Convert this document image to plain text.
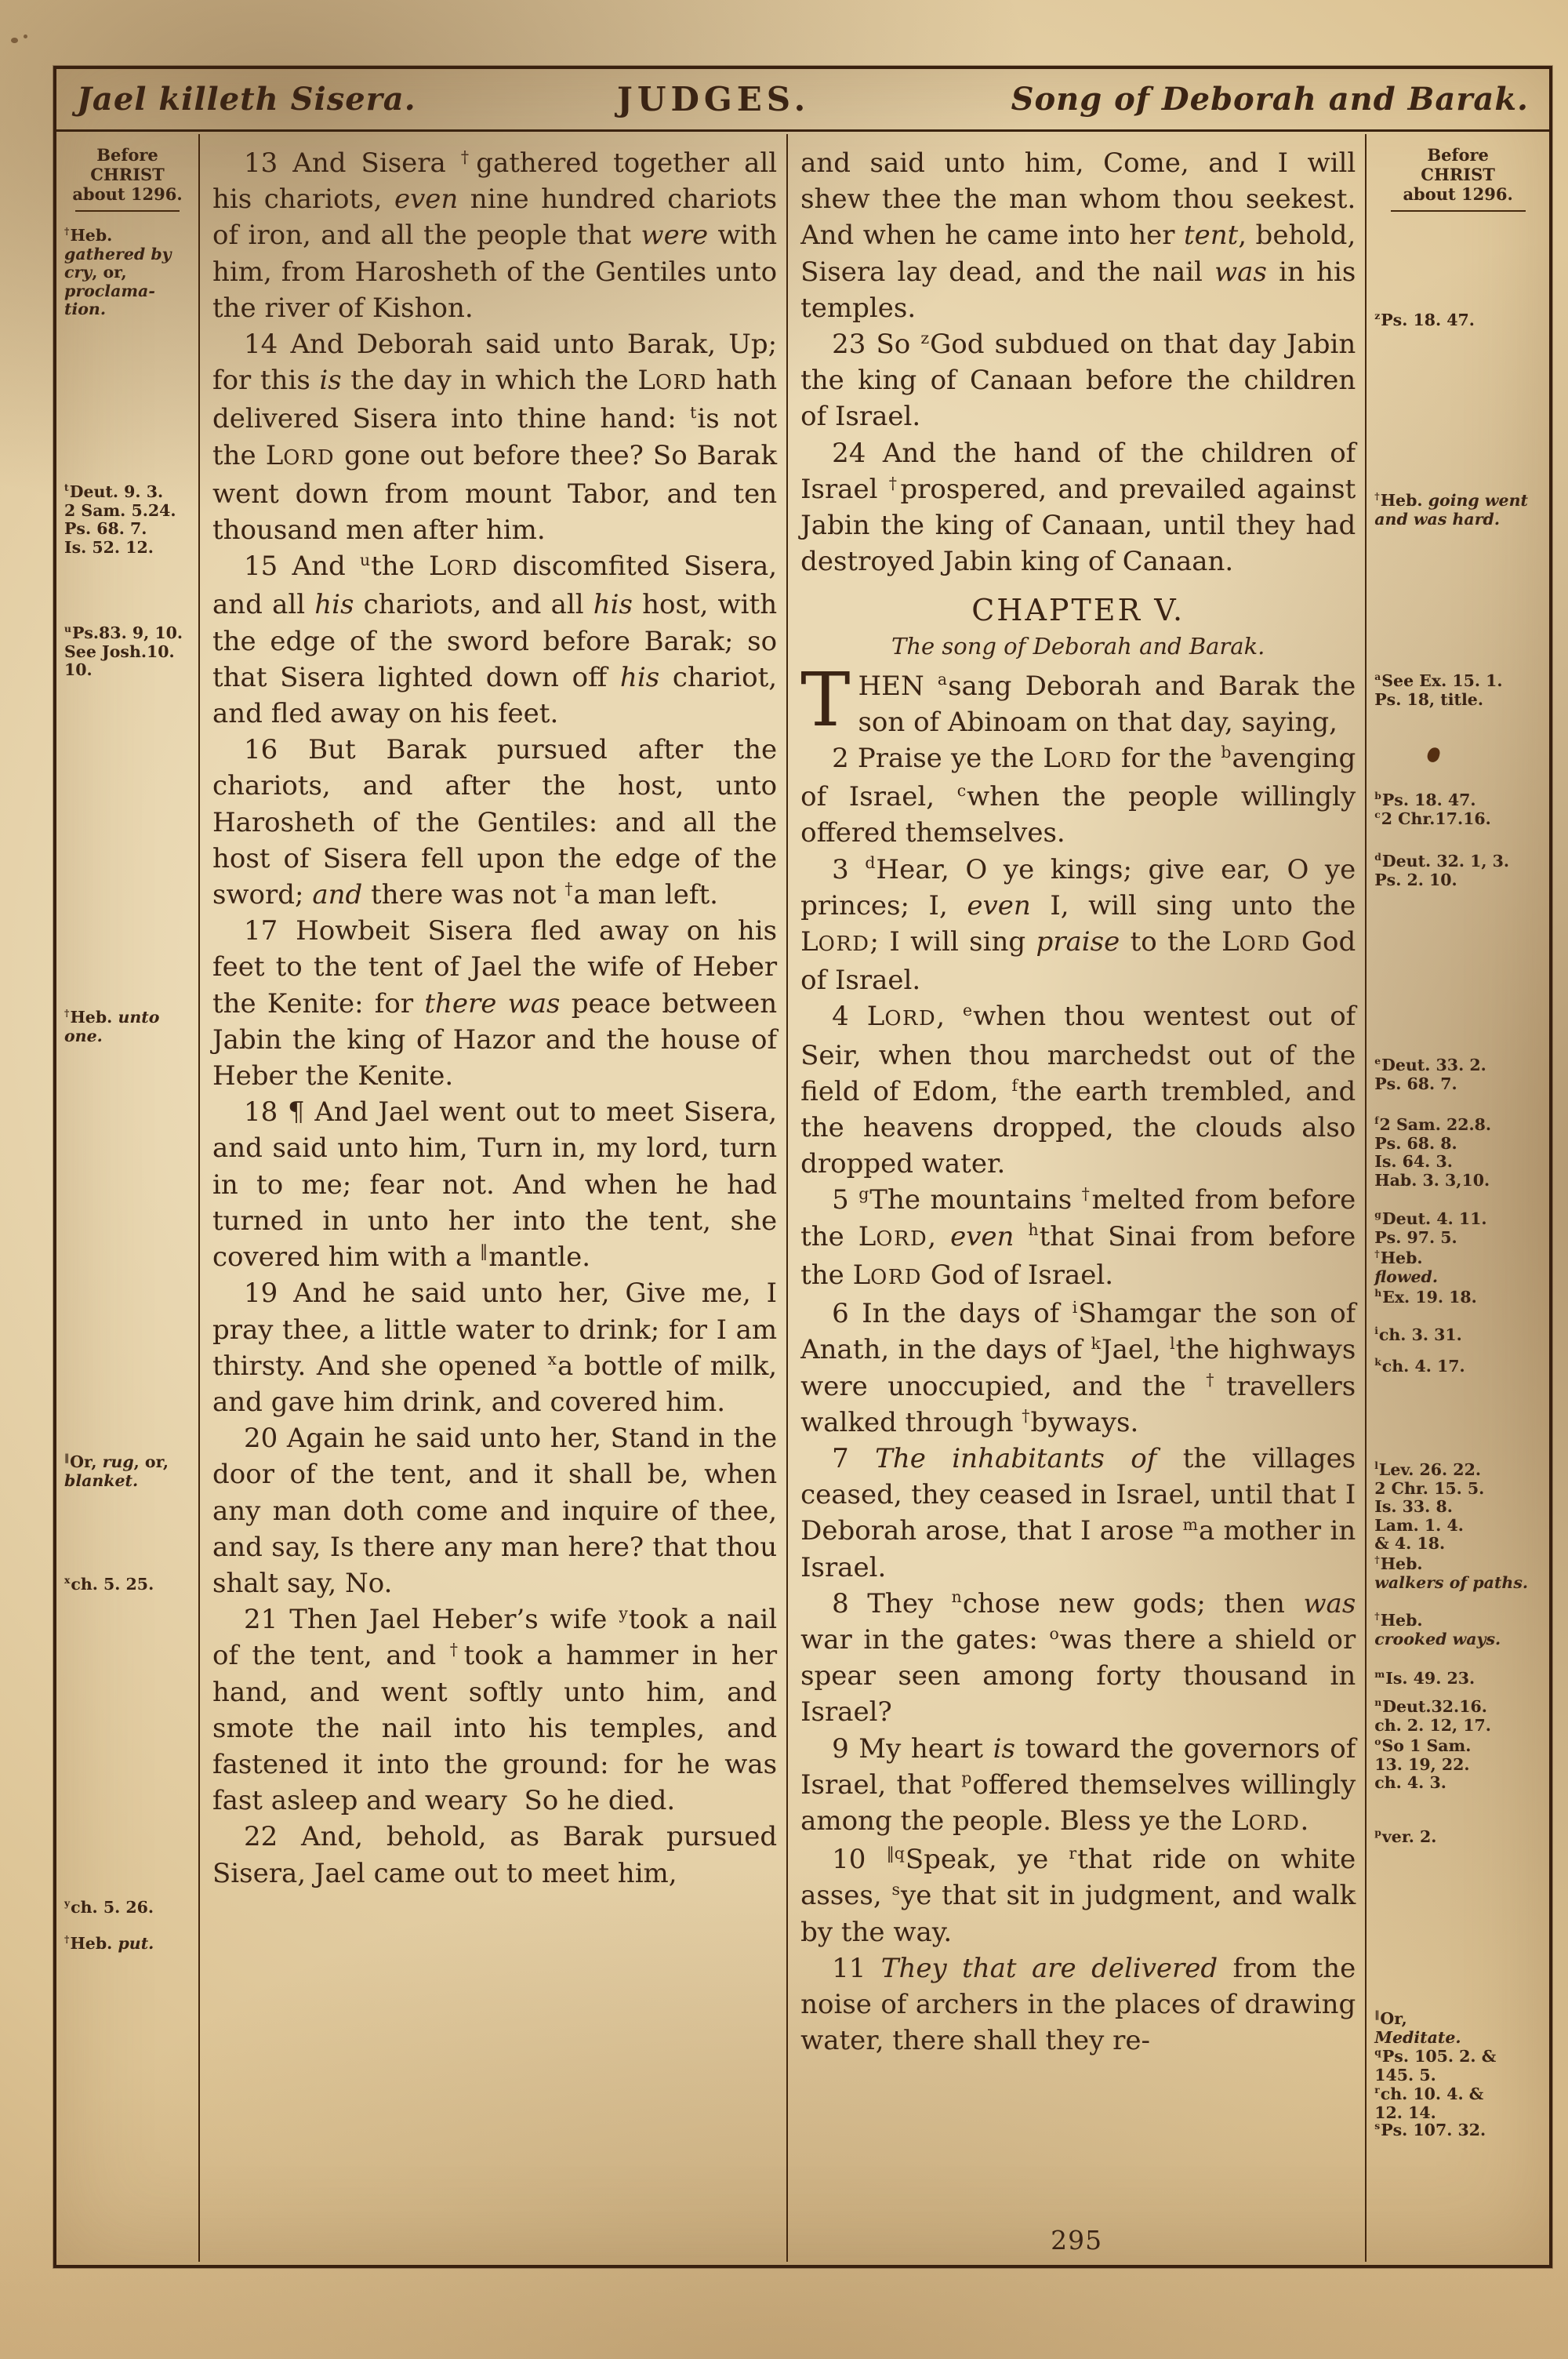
Jael killeth Sisera.	JUDGES.	Song of Deborah and Barak.
Before
CHRIST
about 1296.
†Heb. gathered by cry, or, proclama-tion.
$^t$Deut. 9. 3.
2 Sam. 5.24.
Ps. 68. 7.
Is. 52. 12.
$^u$Ps.83. 9, 10.
See Josh.10.
10.
†Heb. unto one.
‖Or, rug, or, blanket.
$^x$ch. 5. 25.
$^y$ch. 5. 26.
†Heb. put.

13 And Sisera †gathered together all his chariots, even nine hundred chariots of iron, and all the people that were with him, from Harosheth of the Gentiles unto the river of Kishon.

14 And Deborah said unto Barak, Up; for this is the day in which the LORD hath delivered Sisera into thine hand: $^t$is not the LORD gone out before thee? So Barak went down from mount Tabor, and ten thousand men after him.

15 And $^u$the LORD discomfited Sisera, and all his chariots, and all his host, with the edge of the sword before Barak; so that Sisera lighted down off his chariot, and fled away on his feet.

16 But Barak pursued after the chariots, and after the host, unto Harosheth of the Gentiles: and all the host of Sisera fell upon the edge of the sword; and there was not †a man left.

17 Howbeit Sisera fled away on his feet to the tent of Jael the wife of Heber the Kenite: for there was peace between Jabin the king of Hazor and the house of Heber the Kenite.

18 ¶ And Jael went out to meet Sisera, and said unto him, Turn in, my lord, turn in to me; fear not. And when he had turned in unto her into the tent, she covered him with a ‖mantle.

19 And he said unto her, Give me, I pray thee, a little water to drink; for I am thirsty. And she opened $^x$a bottle of milk, and gave him drink, and covered him.

20 Again he said unto her, Stand in the door of the tent, and it shall be, when any man doth come and inquire of thee, and say, Is there any man here? that thou shalt say, No.

21 Then Jael Heber’s wife $^y$took a nail of the tent, and †took a hammer in her hand, and went softly unto him, and smote the nail into his temples, and fastened it into the ground: for he was fast asleep and weary  So he died.

22 And, behold, as Barak pursued Sisera, Jael came out to meet him,

and said unto him, Come, and I will shew thee the man whom thou seekest. And when he came into her tent, behold, Sisera lay dead, and the nail was in his temples.

23 So $^z$God subdued on that day Jabin the king of Canaan before the children of Israel.

24 And the hand of the children of Israel †prospered, and prevailed against Jabin the king of Canaan, until they had destroyed Jabin king of Canaan.

CHAPTER V.

The song of Deborah and Barak.

THEN $^a$sang Deborah and Barak the son of Abinoam on that day, saying,

2 Praise ye the LORD for the $^b$avenging of Israel, $^c$when the people willingly offered themselves.

3 $^d$Hear, O ye kings; give ear, O ye princes; I, even I, will sing unto the LORD; I will sing praise to the LORD God of Israel.

4 LORD, $^e$when thou wentest out of Seir, when thou marchedst out of the field of Edom, $^f$the earth trembled, and the heavens dropped, the clouds also dropped water.

5 $^g$The mountains †melted from before the LORD, even $^h$that Sinai from before the LORD God of Israel.

6 In the days of $^i$Shamgar the son of Anath, in the days of $^k$Jael, $^l$the highways were unoccupied, and the †travellers walked through †byways.

7 The inhabitants of the villages ceased, they ceased in Israel, until that I Deborah arose, that I arose $^m$a mother in Israel.

8 They $^n$chose new gods; then was war in the gates: $^o$was there a shield or spear seen among forty thousand in Israel?

9 My heart is toward the governors of Israel, that $^p$offered themselves willingly among the people. Bless ye the LORD.

10 $^{‖q}$Speak, ye $^r$that ride on white asses, $^s$ye that sit in judgment, and walk by the way.

11 They that are delivered from the noise of archers in the places of drawing water, there shall they re-

295
Before
CHRIST
about 1296.
$^z$Ps. 18. 47.
†Heb. going went and was hard.
$^a$See Ex. 15. 1.
Ps. 18, title.
$^b$Ps. 18. 47.
$^c$2 Chr.17.16.
$^d$Deut. 32. 1, 3.
Ps. 2. 10.
$^e$Deut. 33. 2.
Ps. 68. 7.
$^f$2 Sam. 22.8.
Ps. 68. 8.
Is. 64. 3.
Hab. 3. 3,10.
$^g$Deut. 4. 11.
Ps. 97. 5.
†Heb.
flowed.
$^h$Ex. 19. 18.
$^i$ch. 3. 31.
$^k$ch. 4. 17.
$^l$Lev. 26. 22.
2 Chr. 15. 5.
Is. 33. 8.
Lam. 1. 4.
& 4. 18.
†Heb.
walkers of paths.
†Heb.
crooked ways.
$^m$Is. 49. 23.
$^n$Deut.32.16.
ch. 2. 12, 17.
$^o$So 1 Sam.
13. 19, 22.
ch. 4. 3.
$^p$ver. 2.
‖Or,
Meditate.
$^q$Ps. 105. 2. &
145. 5.
$^r$ch. 10. 4. &
12. 14.
$^s$Ps. 107. 32.
